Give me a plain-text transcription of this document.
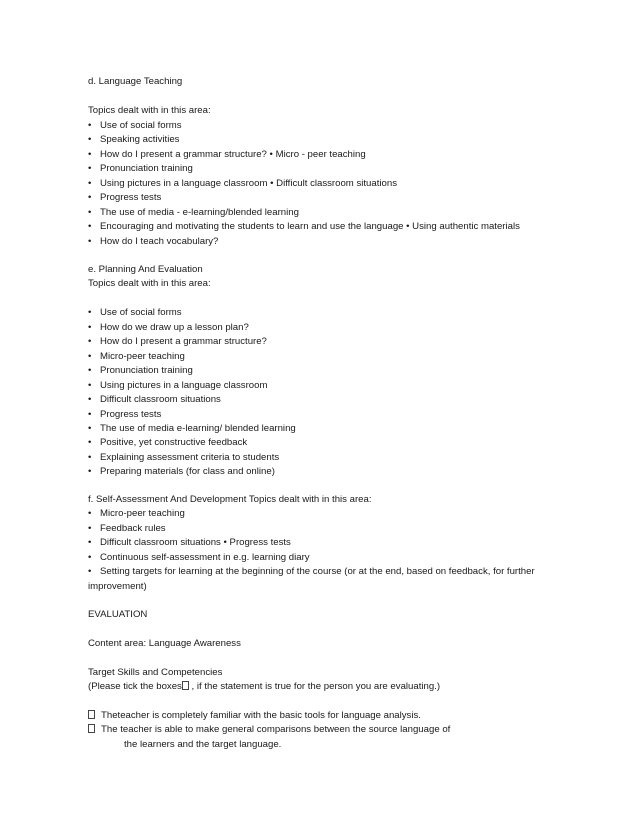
d. Language Teaching
Topics dealt with in this area:
• Use of social forms
• Speaking activities
• How do I present a grammar structure? • Micro - peer teaching
• Pronunciation training
• Using pictures in a language classroom • Difficult classroom situations
• Progress tests
• The use of media - e-learning/blended learning
• Encouraging and motivating the students to learn and use the language • Using authentic materials
• How do I teach vocabulary?
e. Planning And Evaluation
Topics dealt with in this area:
• Use of social forms
• How do we draw up a lesson plan?
• How do I present a grammar structure?
• Micro-peer teaching
• Pronunciation training
• Using pictures in a language classroom
• Difficult classroom situations
• Progress tests
• The use of media e-learning/ blended learning
• Positive, yet constructive feedback
• Explaining assessment criteria to students
• Preparing materials (for class and online)
f. Self-Assessment And Development Topics dealt with in this area:
• Micro-peer teaching
• Feedback rules
• Difficult classroom situations • Progress tests
• Continuous self-assessment in e.g. learning diary
• Setting targets for learning at the beginning of the course (or at the end, based on feedback, for further
improvement)
EVALUATION
Content area: Language Awareness
Target Skills and Competencies
(Please tick the boxes , if the statement is true for the person you are evaluating.)
Theteacher is completely familiar with the basic tools for language analysis.
The teacher is able to make general comparisons between the source language of
the learners and the target language.
